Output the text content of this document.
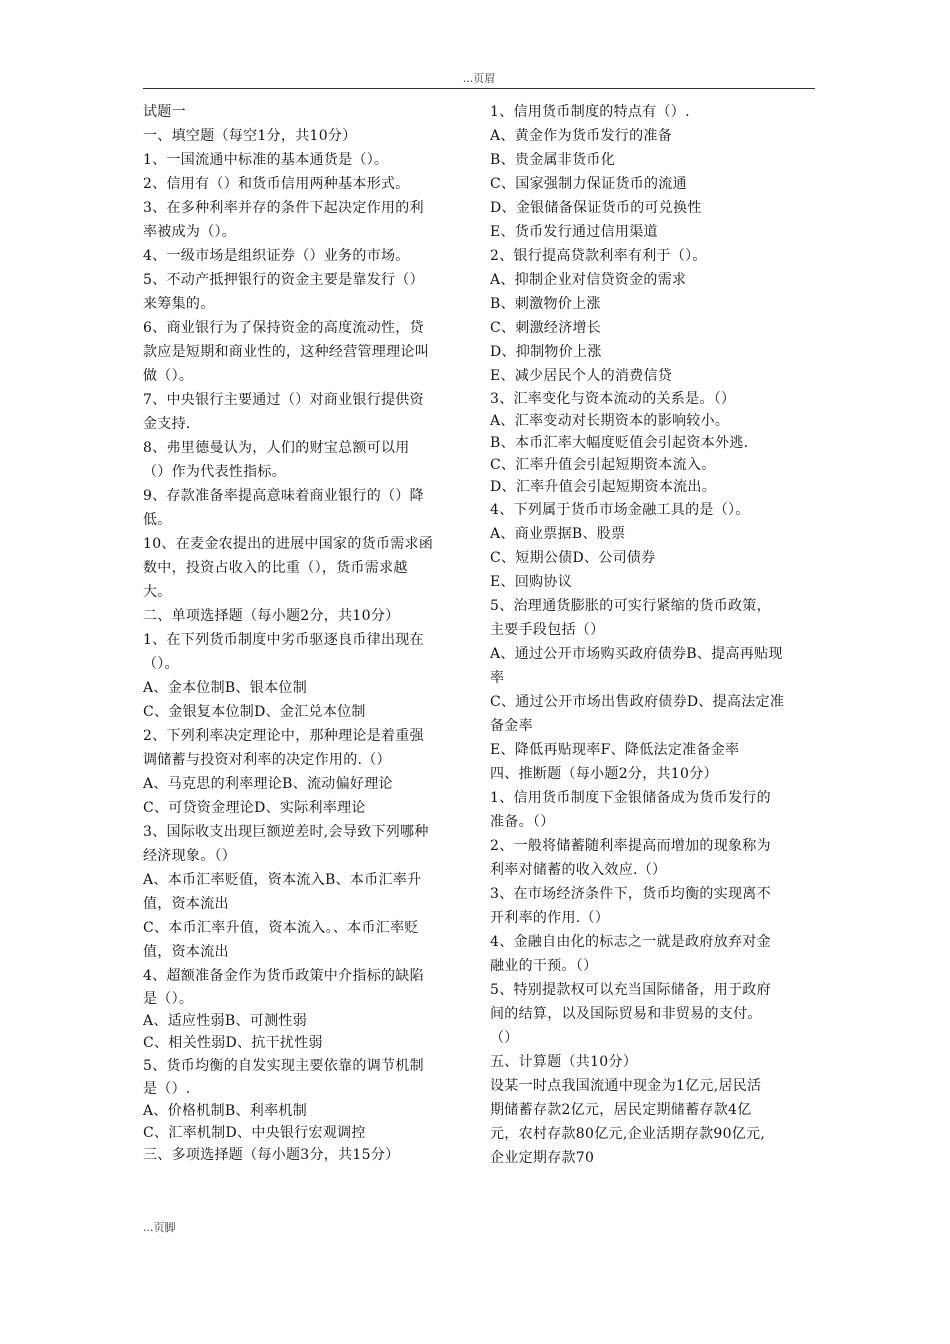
...页眉
试题一
一、填空题（每空1分，共10分）
1、一国流通中标准的基本通货是（）。
2、信用有（）和货币信用两种基本形式。
3、在多种利率并存的条件下起决定作用的利
率被成为（）。
4、一级市场是组织证券（）业务的市场。
5、不动产抵押银行的资金主要是靠发行（）
来筹集的。
6、商业银行为了保持资金的高度流动性，贷
款应是短期和商业性的，这种经营管理理论叫
做（）。
7、中央银行主要通过（）对商业银行提供资
金支持.
8、弗里德曼认为，人们的财宝总额可以用
（）作为代表性指标。
9、存款准备率提高意味着商业银行的（）降
低。
10、在麦金农提出的进展中国家的货币需求函
数中，投资占收入的比重（），货币需求越
大。
二、单项选择题（每小题2分，共10分）
1、在下列货币制度中劣币驱逐良币律出现在
（）。
A、金本位制B、银本位制
C、金银复本位制D、金汇兑本位制
2、下列利率决定理论中，那种理论是着重强
调储蓄与投资对利率的决定作用的.（）
A、马克思的利率理论B、流动偏好理论
C、可贷资金理论D、实际利率理论
3、国际收支出现巨额逆差时,会导致下列哪种
经济现象。（）
A、本币汇率贬值，资本流入B、本币汇率升
值，资本流出
C、本币汇率升值，资本流入。、本币汇率贬
值，资本流出
4、超额准备金作为货币政策中介指标的缺陷
是（）。
A、适应性弱B、可测性弱
C、相关性弱D、抗干扰性弱
5、货币均衡的自发实现主要依靠的调节机制
是（）.
A、价格机制B、利率机制
C、汇率机制D、中央银行宏观调控
三、多项选择题（每小题3分，共15分）
1、信用货币制度的特点有（）.
A、黄金作为货币发行的准备
B、贵金属非货币化
C、国家强制力保证货币的流通
D、金银储备保证货币的可兑换性
E、货币发行通过信用渠道
2、银行提高贷款利率有利于（）。
A、抑制企业对信贷资金的需求
B、刺激物价上涨
C、刺激经济增长
D、抑制物价上涨
E、减少居民个人的消费信贷
3、汇率变化与资本流动的关系是。（）
A、汇率变动对长期资本的影响较小。
B、本币汇率大幅度贬值会引起资本外逃.
C、汇率升值会引起短期资本流入。
D、汇率升值会引起短期资本流出。
4、下列属于货币市场金融工具的是（）。
A、商业票据B、股票
C、短期公债D、公司债券
E、回购协议
5、治理通货膨胀的可实行紧缩的货币政策，
主要手段包括（）
A、通过公开市场购买政府债券B、提高再贴现
率
C、通过公开市场出售政府债券D、提高法定准
备金率
E、降低再贴现率F、降低法定准备金率
四、推断题（每小题2分，共10分）
1、信用货币制度下金银储备成为货币发行的
准备。（）
2、一般将储蓄随利率提高而增加的现象称为
利率对储蓄的收入效应.（）
3、在市场经济条件下，货币均衡的实现离不
开利率的作用.（）
4、金融自由化的标志之一就是政府放弃对金
融业的干预。（）
5、特别提款权可以充当国际储备，用于政府
间的结算，以及国际贸易和非贸易的支付。
（）
五、计算题（共10分）
设某一时点我国流通中现金为1亿元,居民活
期储蓄存款2亿元，居民定期储蓄存款4亿
元，农村存款80亿元,企业活期存款90亿元,
企业定期存款70
...页脚
